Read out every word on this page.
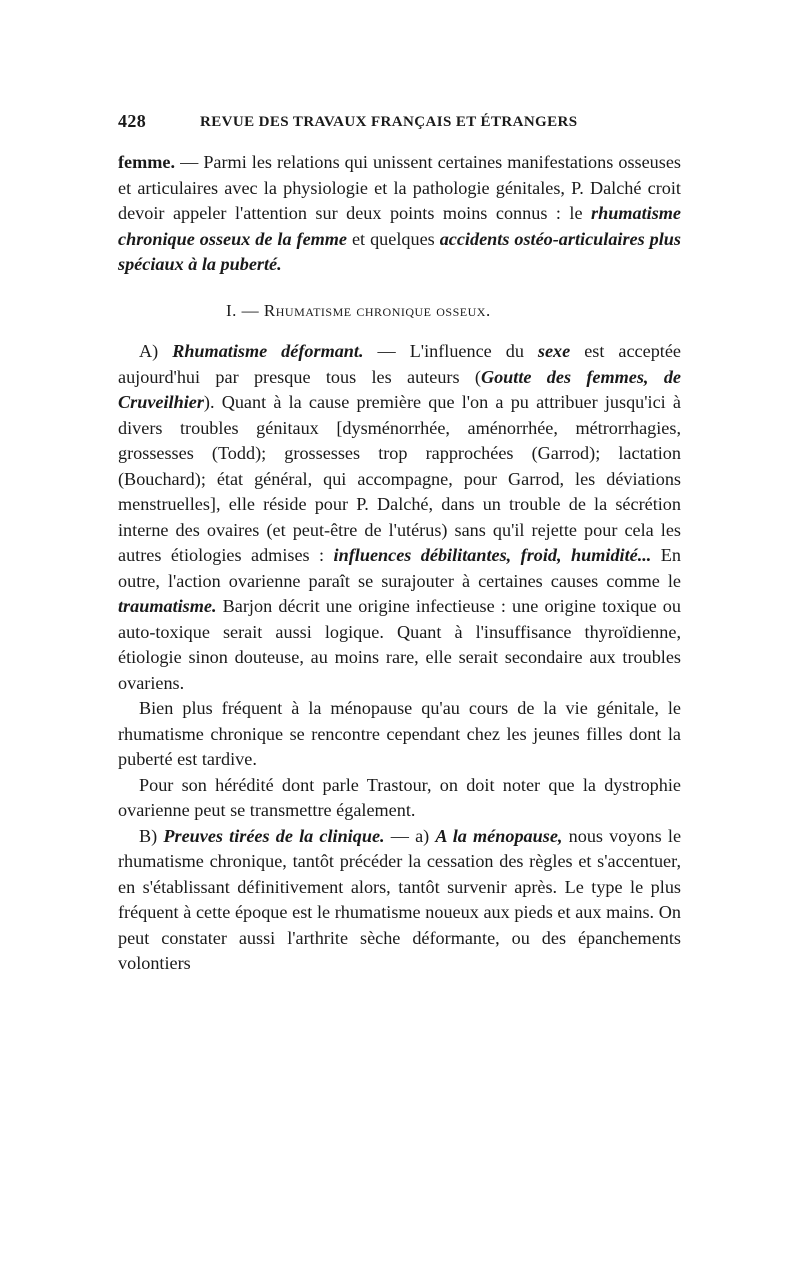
428	REVUE DES TRAVAUX FRANÇAIS ET ÉTRANGERS

femme. — Parmi les relations qui unissent certaines manifestations osseuses et articulaires avec la physiologie et la pathologie génitales, P. Dalché croit devoir appeler l'attention sur deux points moins connus : le rhumatisme chronique osseux de la femme et quelques accidents ostéo-articulaires plus spéciaux à la puberté.

I. — Rhumatisme chronique osseux.

A) Rhumatisme déformant. — L'influence du sexe est acceptée aujourd'hui par presque tous les auteurs (Goutte des femmes, de Cruveilhier). Quant à la cause première que l'on a pu attribuer jusqu'ici à divers troubles génitaux [dysménorrhée, aménorrhée, métrorrhagies, grossesses (Todd); grossesses trop rapprochées (Garrod); lactation (Bouchard); état général, qui accompagne, pour Garrod, les déviations menstruelles], elle réside pour P. Dalché, dans un trouble de la sécrétion interne des ovaires (et peut-être de l'utérus) sans qu'il rejette pour cela les autres étiologies admises : influences débilitantes, froid, humidité... En outre, l'action ovarienne paraît se surajouter à certaines causes comme le traumatisme. Barjon décrit une origine infectieuse : une origine toxique ou auto-toxique serait aussi logique. Quant à l'insuffisance thyroïdienne, étiologie sinon douteuse, au moins rare, elle serait secondaire aux troubles ovariens.

Bien plus fréquent à la ménopause qu'au cours de la vie génitale, le rhumatisme chronique se rencontre cependant chez les jeunes filles dont la puberté est tardive.

Pour son hérédité dont parle Trastour, on doit noter que la dystrophie ovarienne peut se transmettre également.

B) Preuves tirées de la clinique. — a) A la ménopause, nous voyons le rhumatisme chronique, tantôt précéder la cessation des règles et s'accentuer, en s'établissant définitivement alors, tantôt survenir après. Le type le plus fréquent à cette époque est le rhumatisme noueux aux pieds et aux mains. On peut constater aussi l'arthrite sèche déformante, ou des épanchements volontiers
